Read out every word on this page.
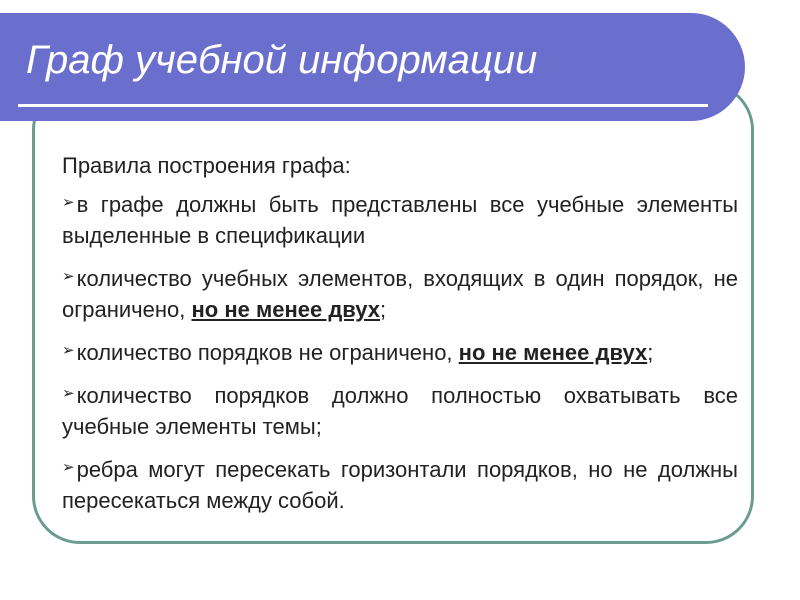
Граф учебной информации

Правила построения графа:

➢в графе должны быть представлены все учебные элементы выделенные в спецификации
➢количество учебных элементов, входящих в один порядок, не ограничено, но не менее двух;
➢количество порядков не ограничено, но не менее двух;
➢количество порядков должно полностью охватывать все учебные элементы темы;
➢ребра могут пересекать горизонтали порядков, но не должны пересекаться между собой.
